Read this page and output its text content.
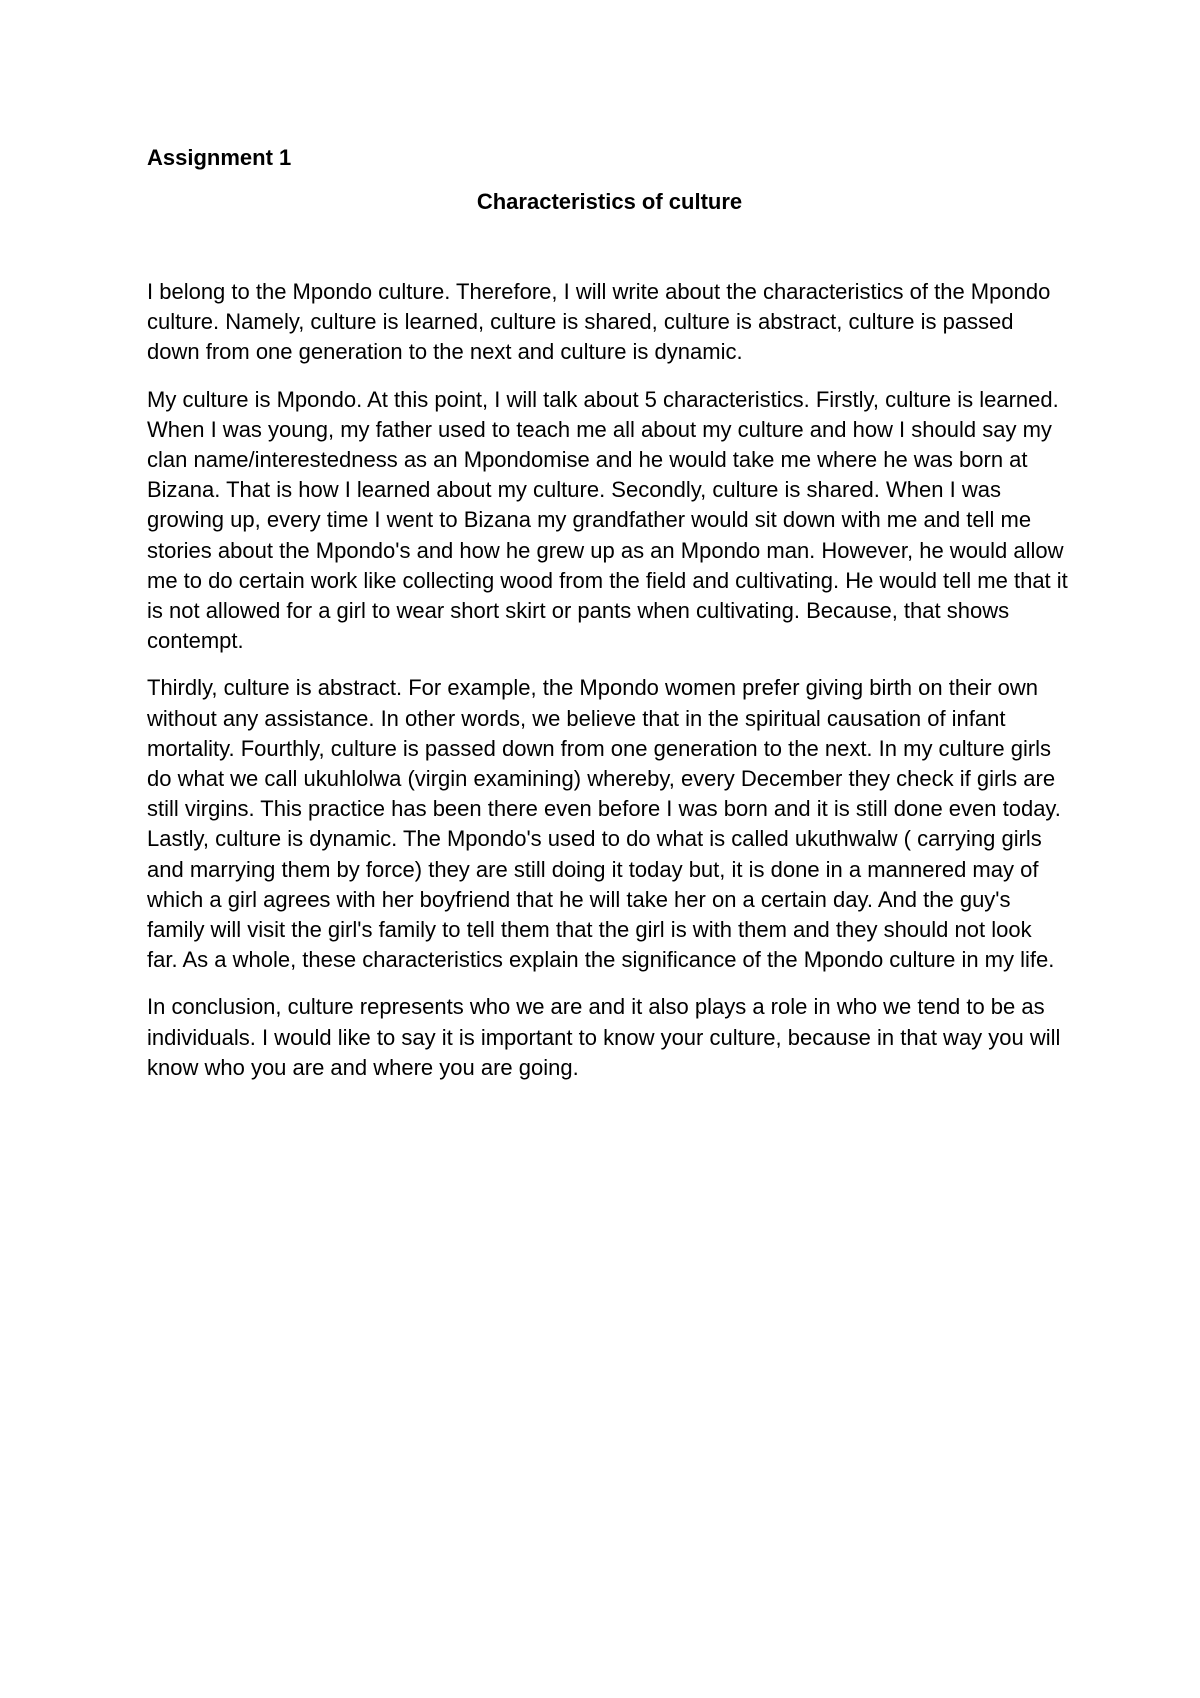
Assignment 1

Characteristics of culture

I belong to the Mpondo culture. Therefore, I will write about the characteristics of the Mpondo culture. Namely, culture is learned, culture is shared, culture is abstract, culture is passed down from one generation to the next and culture is dynamic.

My culture is Mpondo. At this point, I will talk about 5 characteristics. Firstly, culture is learned. When I was young, my father used to teach me all about my culture and how I should say my clan name/interestedness as an Mpondomise and he would take me where he was born at Bizana. That is how I learned about my culture. Secondly, culture is shared. When I was growing up, every time I went to Bizana my grandfather would sit down with me and tell me stories about the Mpondo's and how he grew up as an Mpondo man. However, he would allow me to do certain work like collecting wood from the field and cultivating. He would tell me that it is not allowed for a girl to wear short skirt or pants when cultivating. Because, that shows contempt.

Thirdly, culture is abstract. For example, the Mpondo women prefer giving birth on their own without any assistance. In other words, we believe that in the spiritual causation of infant mortality. Fourthly, culture is passed down from one generation to the next. In my culture girls do what we call ukuhlolwa (virgin examining) whereby, every December they check if girls are still virgins. This practice has been there even before I was born and it is still done even today. Lastly, culture is dynamic. The Mpondo's used to do what is called ukuthwalw ( carrying girls and marrying them by force) they are still doing it today but, it is done in a mannered may of which a girl agrees with her boyfriend that he will take her on a certain day. And the guy's family will visit the girl's family to tell them that the girl is with them and they should not look far. As a whole, these characteristics explain the significance of the Mpondo culture in my life.

In conclusion, culture represents who we are and it also plays a role in who we tend to be as individuals. I would like to say it is important to know your culture, because in that way you will know who you are and where you are going.
